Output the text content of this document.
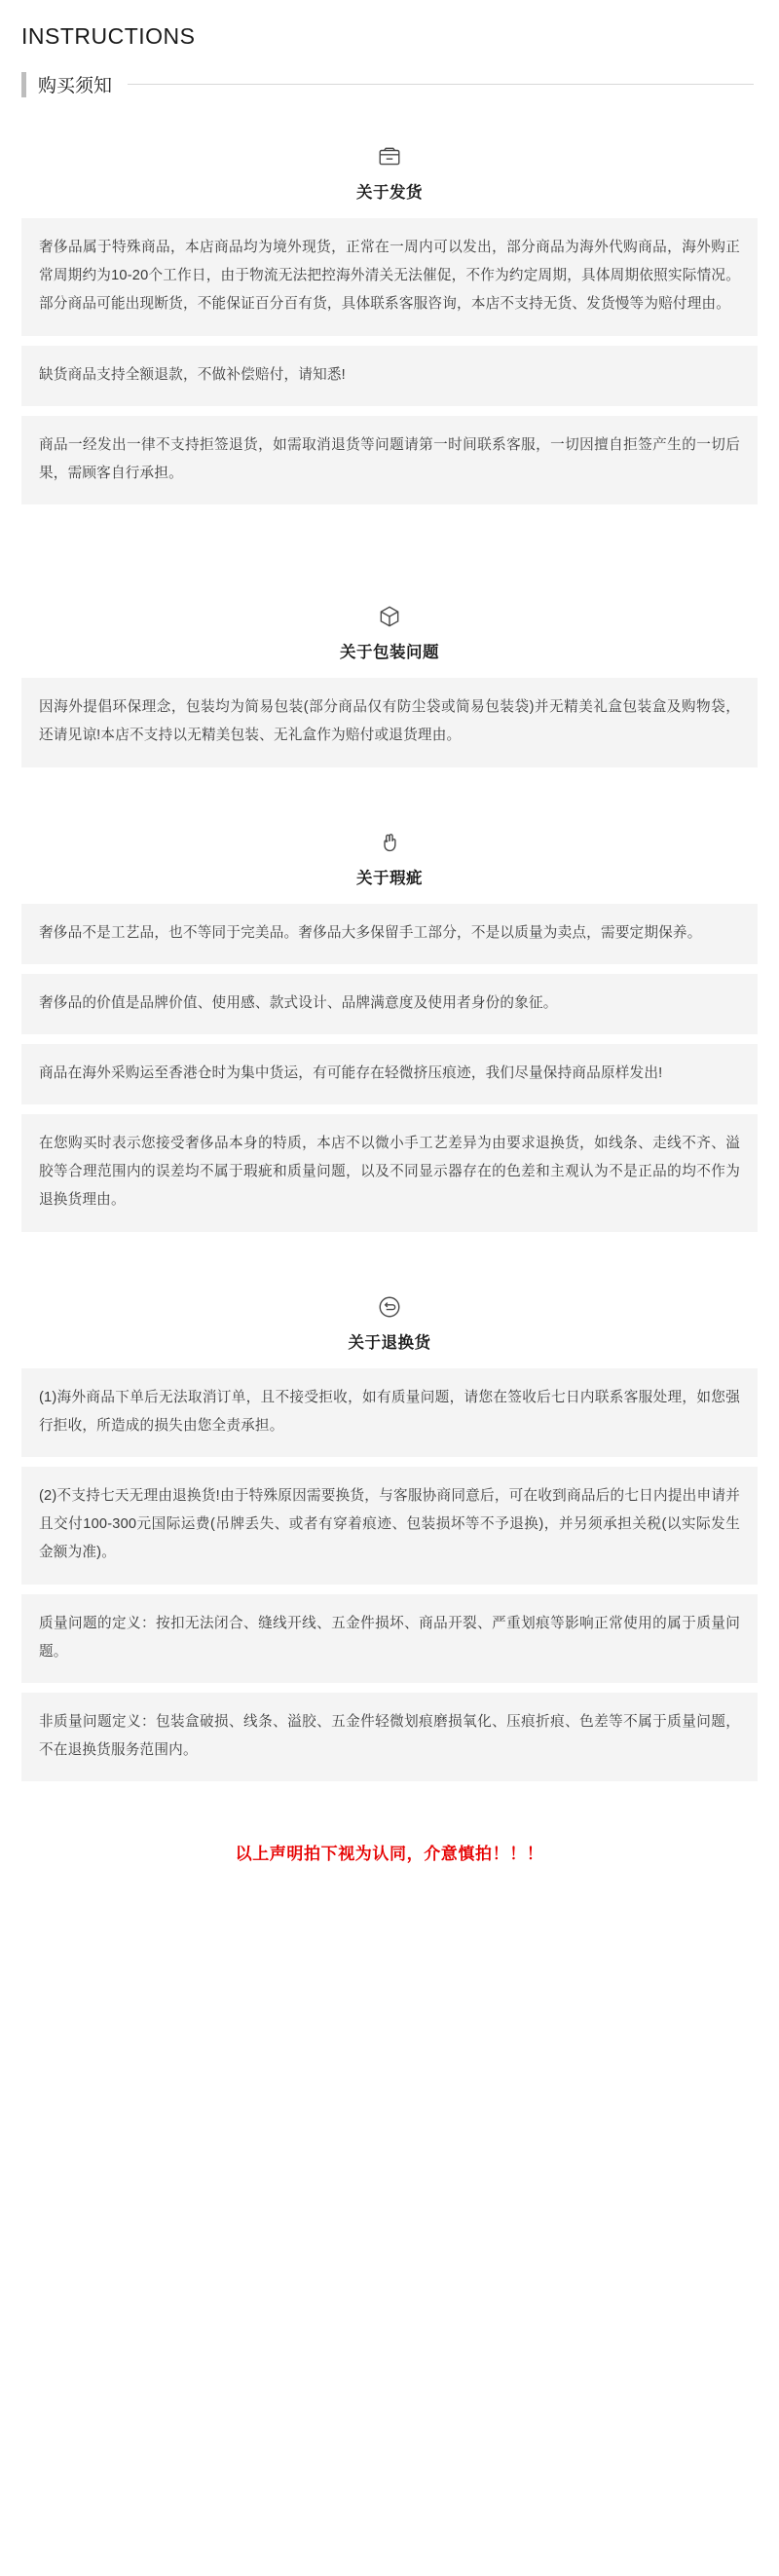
INSTRUCTIONS
购买须知
关于发货
奢侈品属于特殊商品，本店商品均为境外现货，正常在一周内可以发出，部分商品为海外代购商品，海外购正常周期约为10-20个工作日，由于物流无法把控海外清关无法催促，不作为约定周期，具体周期依照实际情况。部分商品可能出现断货，不能保证百分百有货，具体联系客服咨询，本店不支持无货、发货慢等为赔付理由。
缺货商品支持全额退款，不做补偿赔付，请知悉!
商品一经发出一律不支持拒签退货，如需取消退货等问题请第一时间联系客服，一切因擅自拒签产生的一切后果，需顾客自行承担。
关于包装问题
因海外提倡环保理念，包装均为简易包装(部分商品仅有防尘袋或简易包装袋)并无精美礼盒包装盒及购物袋，还请见谅!本店不支持以无精美包装、无礼盒作为赔付或退货理由。
关于瑕疵
奢侈品不是工艺品，也不等同于完美品。奢侈品大多保留手工部分，不是以质量为卖点，需要定期保养。
奢侈品的价值是品牌价值、使用感、款式设计、品牌满意度及使用者身份的象征。
商品在海外采购运至香港仓时为集中货运，有可能存在轻微挤压痕迹，我们尽量保持商品原样发出!
在您购买时表示您接受奢侈品本身的特质，本店不以微小手工艺差异为由要求退换货，如线条、走线不齐、溢胶等合理范围内的误差均不属于瑕疵和质量问题，以及不同显示器存在的色差和主观认为不是正品的均不作为退换货理由。
关于退换货
(1)海外商品下单后无法取消订单，且不接受拒收，如有质量问题，请您在签收后七日内联系客服处理，如您强行拒收，所造成的损失由您全责承担。
(2)不支持七天无理由退换货!由于特殊原因需要换货，与客服协商同意后，可在收到商品后的七日内提出申请并且交付100-300元国际运费(吊牌丢失、或者有穿着痕迹、包装损坏等不予退换)，并另须承担关税(以实际发生金额为准)。
质量问题的定义：按扣无法闭合、缝线开线、五金件损坏、商品开裂、严重划痕等影响正常使用的属于质量问题。
非质量问题定义：包装盒破损、线条、溢胶、五金件轻微划痕磨损氧化、压痕折痕、色差等不属于质量问题，不在退换货服务范围内。
以上声明拍下视为认同，介意慎拍！！！
